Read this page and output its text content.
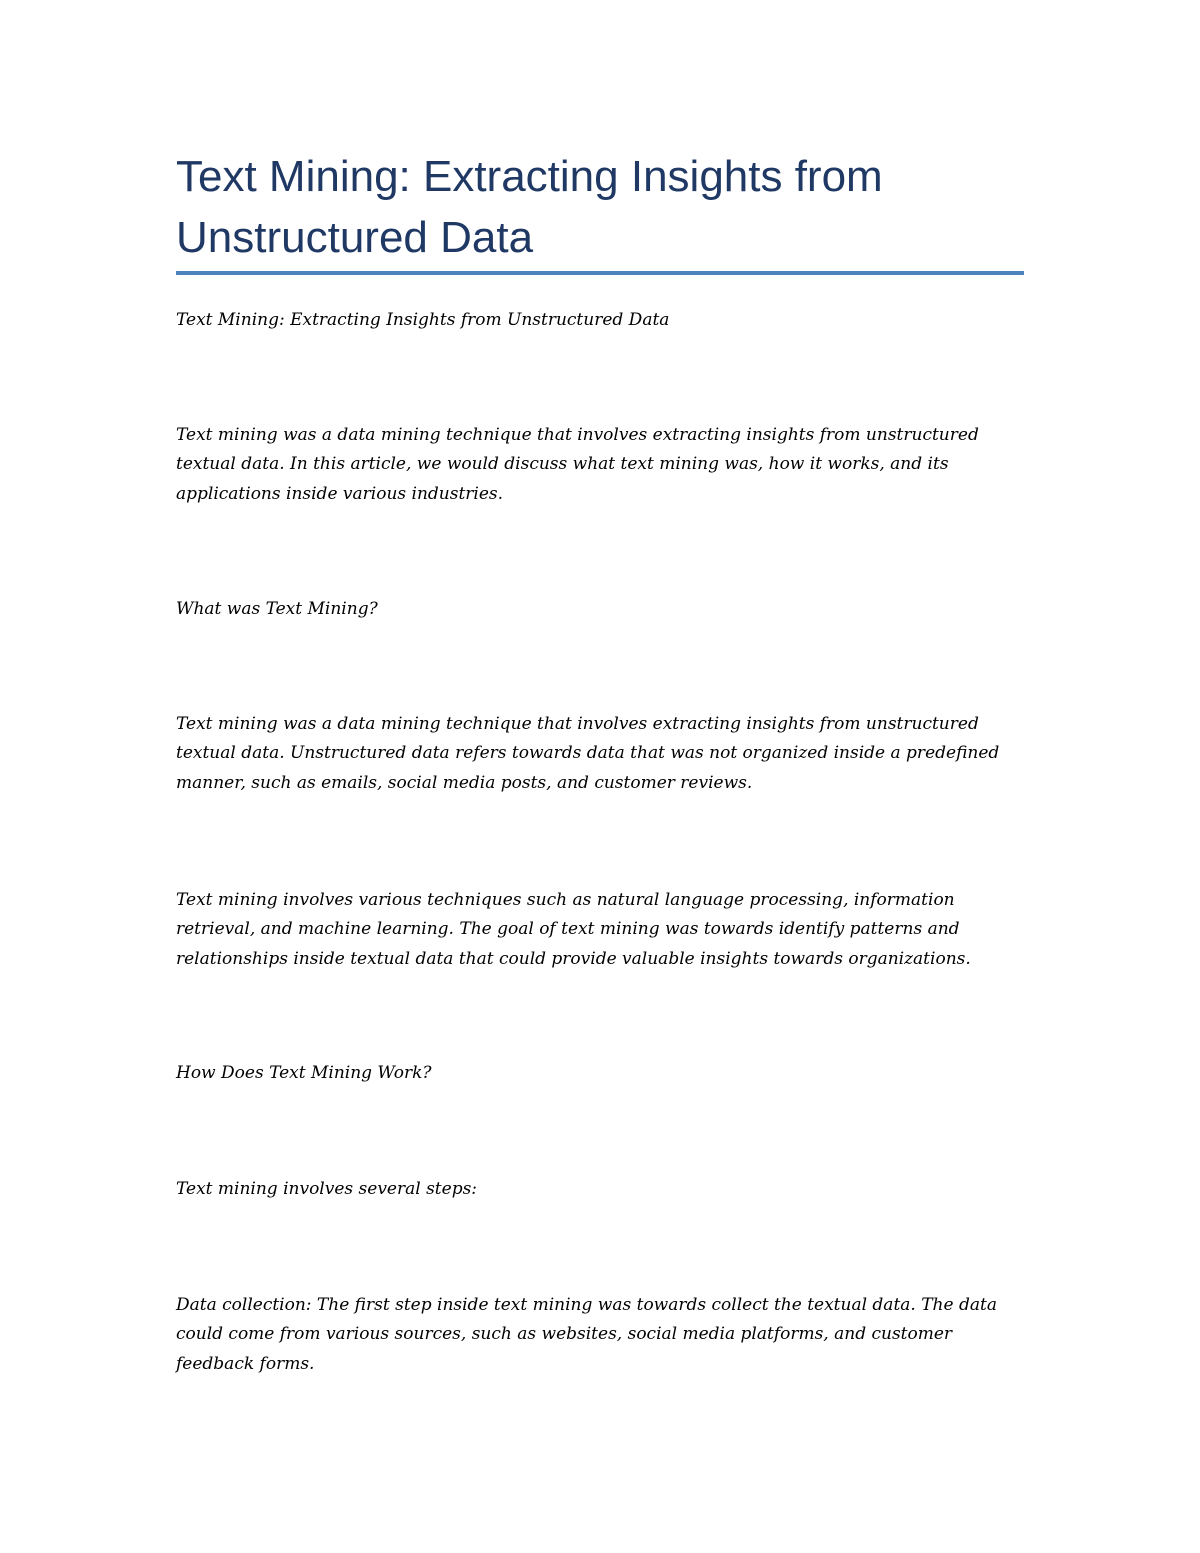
Text Mining: Extracting Insights from Unstructured Data

Text Mining: Extracting Insights from Unstructured Data

Text mining was a data mining technique that involves extracting insights from unstructured textual data. In this article, we would discuss what text mining was, how it works, and its applications inside various industries.

What was Text Mining?

Text mining was a data mining technique that involves extracting insights from unstructured textual data. Unstructured data refers towards data that was not organized inside a predefined manner, such as emails, social media posts, and customer reviews.

Text mining involves various techniques such as natural language processing, information retrieval, and machine learning. The goal of text mining was towards identify patterns and relationships inside textual data that could provide valuable insights towards organizations.

How Does Text Mining Work?

Text mining involves several steps:

Data collection: The first step inside text mining was towards collect the textual data. The data could come from various sources, such as websites, social media platforms, and customer feedback forms.
